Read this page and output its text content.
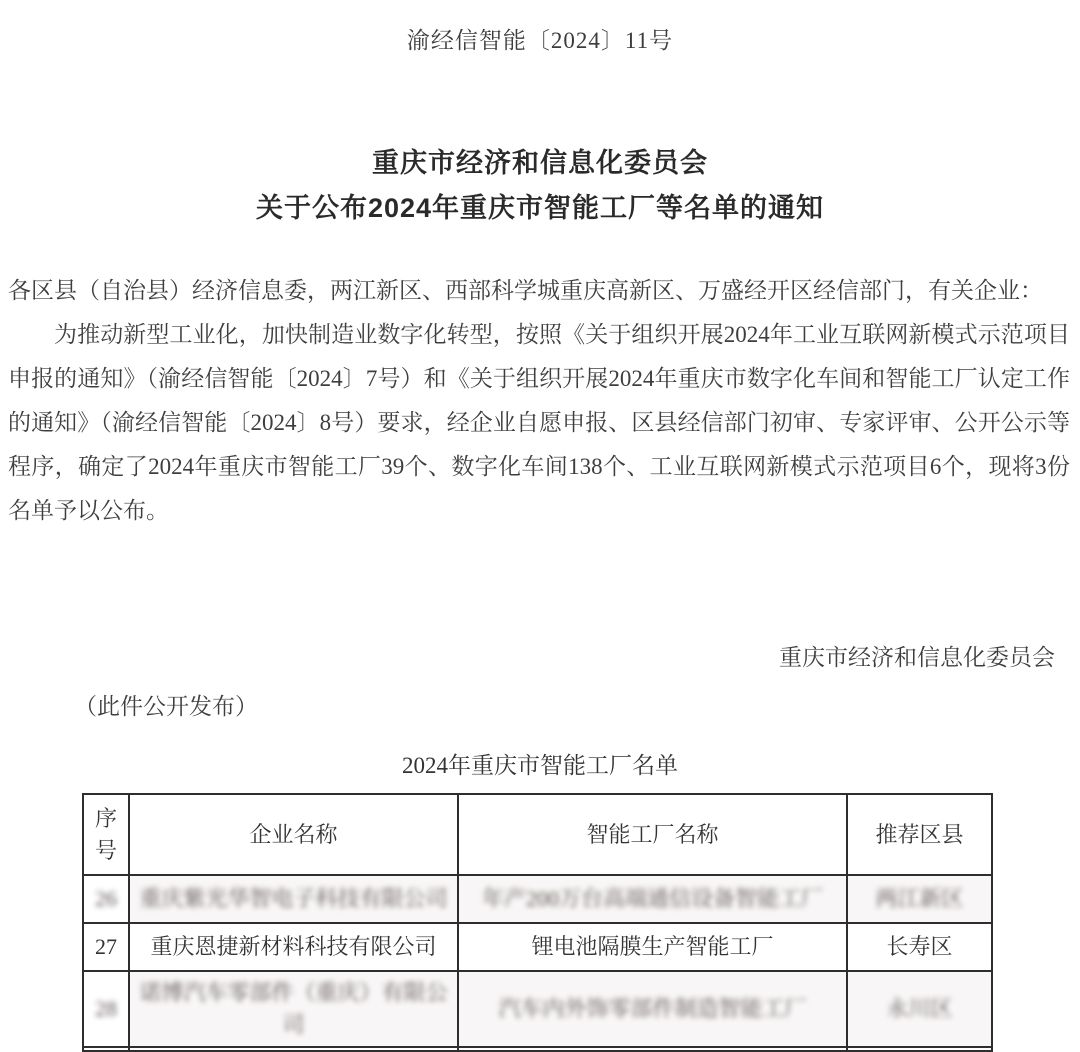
渝经信智能〔2024〕11号
重庆市经济和信息化委员会
关于公布2024年重庆市智能工厂等名单的通知

各区县（自治县）经济信息委，两江新区、西部科学城重庆高新区、万盛经开区经信部门，有关企业：

为推动新型工业化，加快制造业数字化转型，按照《关于组织开展2024年工业互联网新模式示范项目申报的通知》（渝经信智能〔2024〕7号）和《关于组织开展2024年重庆市数字化车间和智能工厂认定工作的通知》（渝经信智能〔2024〕8号）要求，经企业自愿申报、区县经信部门初审、专家评审、公开公示等程序，确定了2024年重庆市智能工厂39个、数字化车间138个、工业互联网新模式示范项目6个，现将3份名单予以公布。

重庆市经济和信息化委员会
（此件公开发布）
2024年重庆市智能工厂名单
序号	企业名称	智能工厂名称	推荐区县
26	重庆紫光华智电子科技有限公司	年产200万台高端通信设备智能工厂	两江新区
27	重庆恩捷新材料科技有限公司	锂电池隔膜生产智能工厂	长寿区
28	诺博汽车零部件（重庆）有限公司	汽车内外饰零部件制造智能工厂	永川区
